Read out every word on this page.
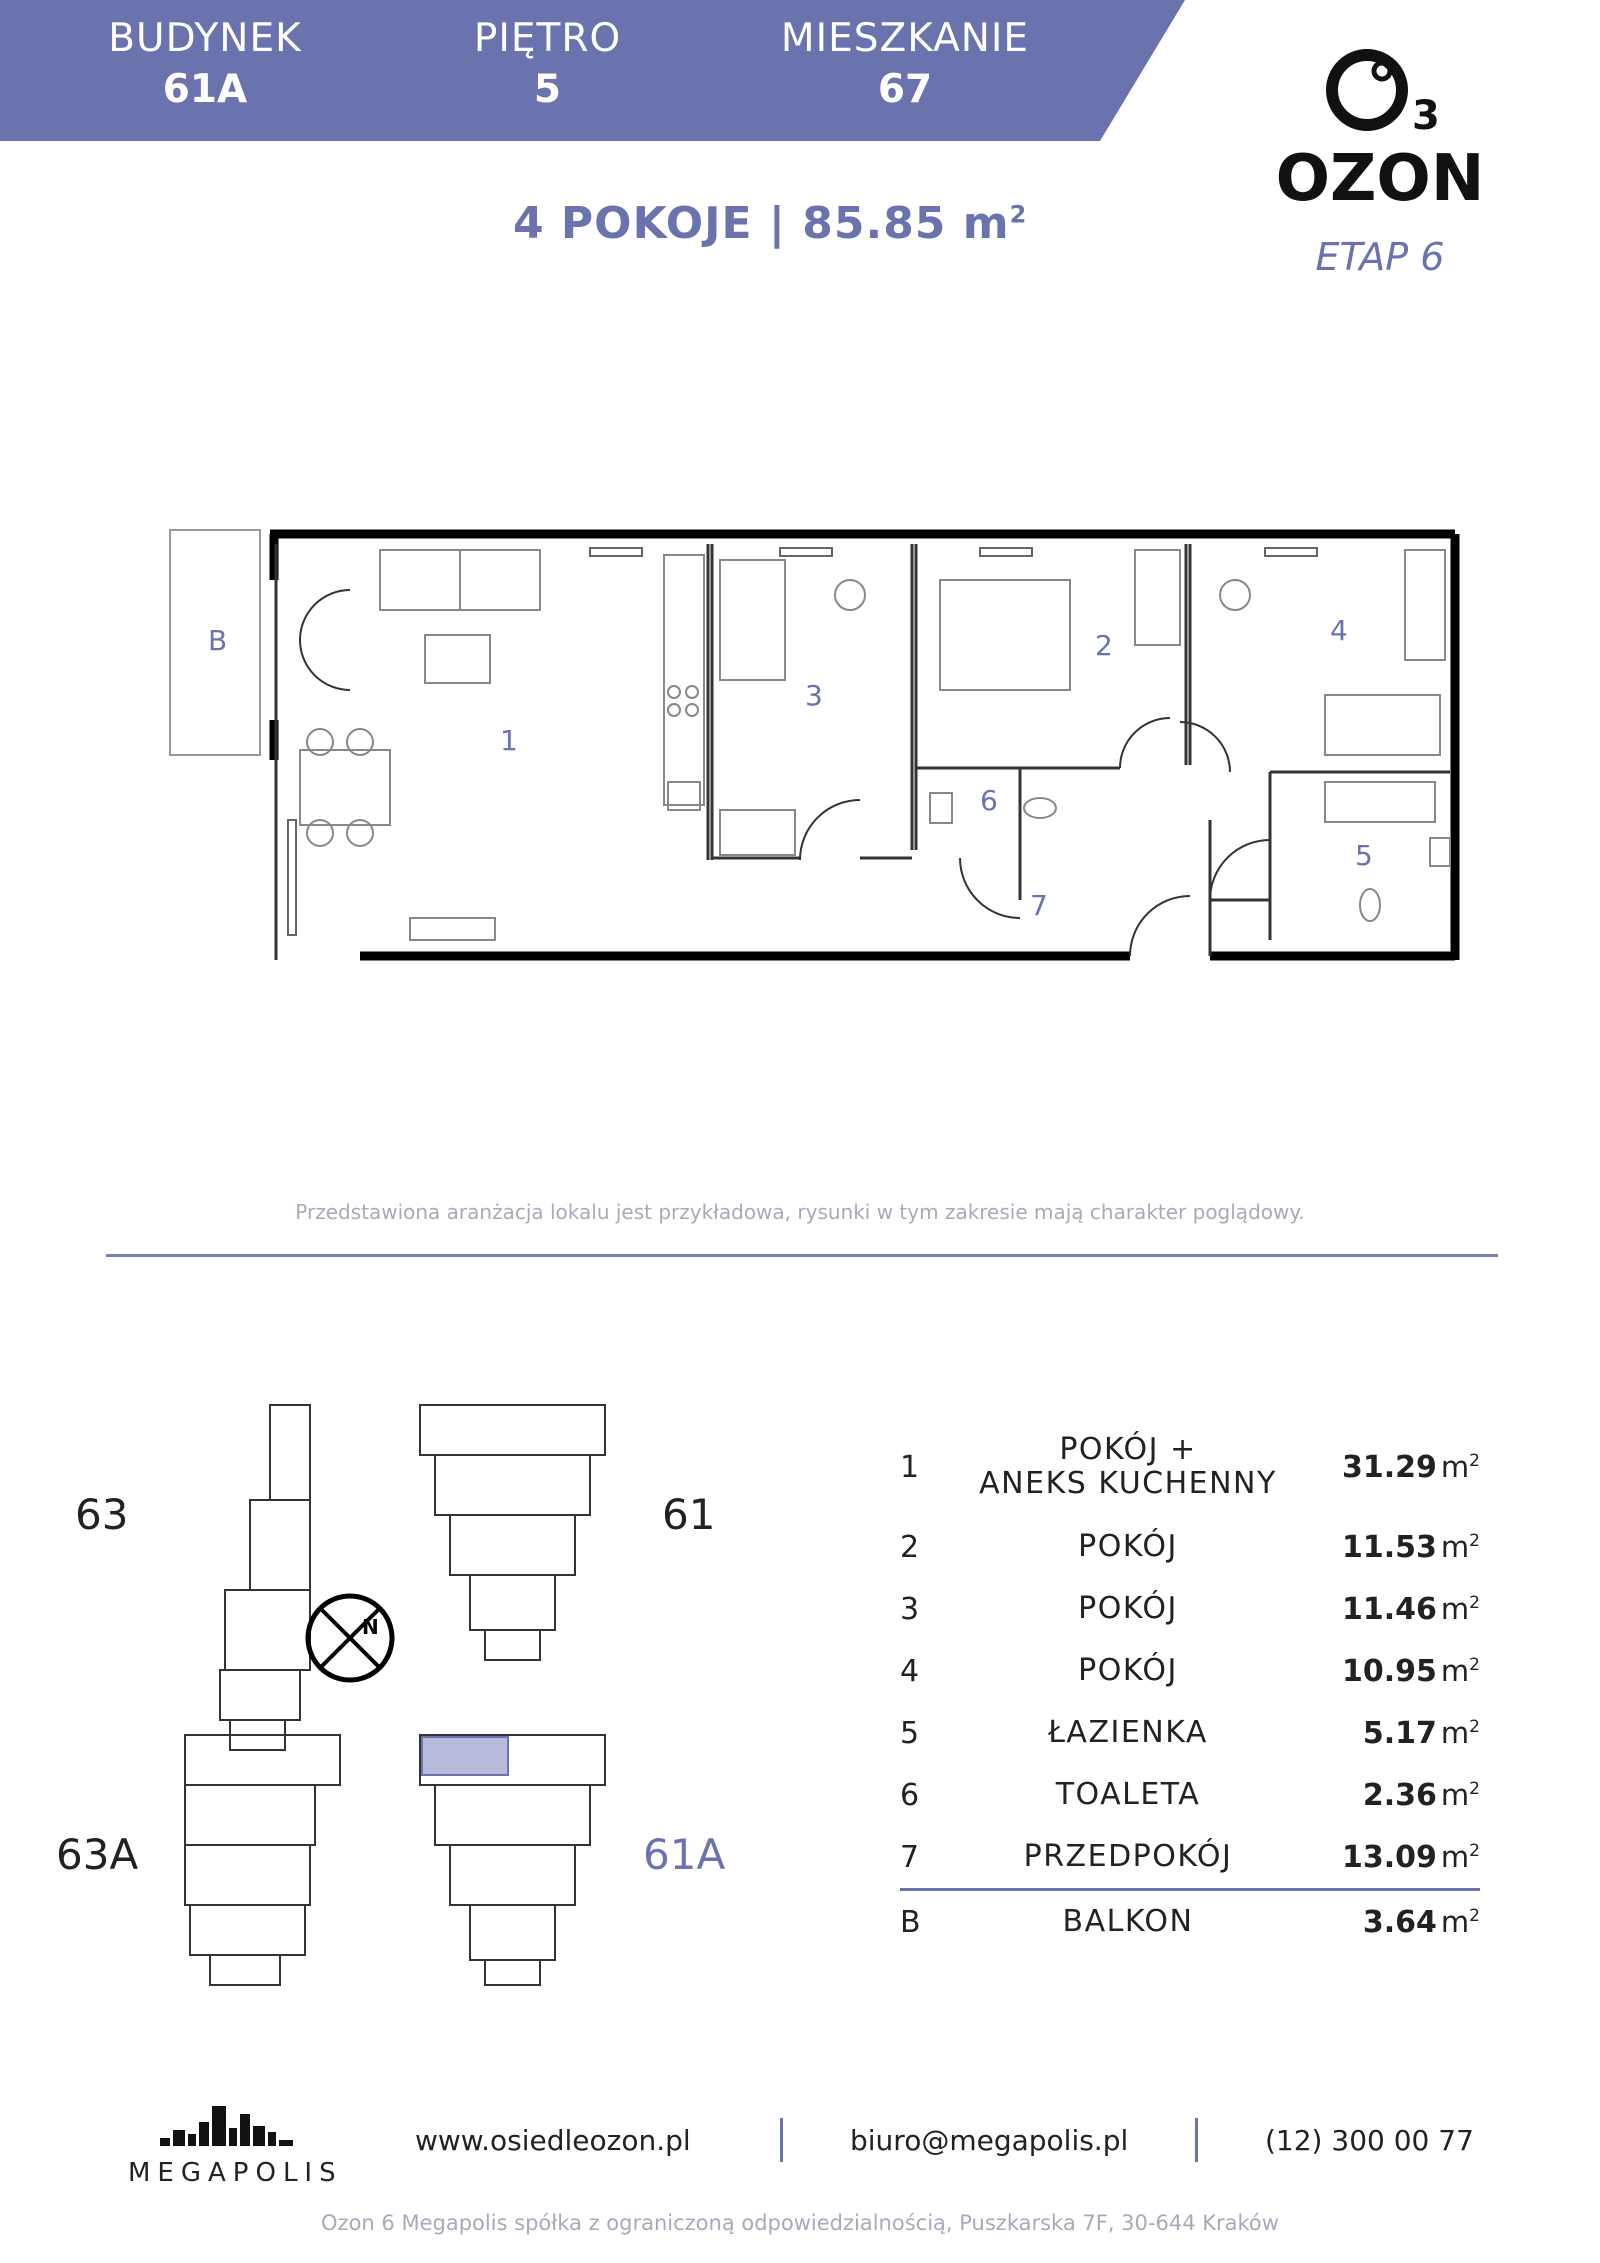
BUDYNEK
61A
PIĘTRO
5
MIESZKANIE
67
3
OZON
ETAP 6
4 POKOJE | 85.85 $m^2$
B
1
2
3
4
5
6
7
Przedstawiona aranżacja lokalu jest przykładowa, rysunki w tym zakresie mają charakter poglądowy.
63	61
63A	61A
N
1	POKÓJ +
ANEKS KUCHENNY	31.29 $m^2$
2	POKÓJ	11.53 $m^2$
3	POKÓJ	11.46 $m^2$
4	POKÓJ	10.95 $m^2$
5	ŁAZIENKA	5.17 $m^2$
6	TOALETA	2.36 $m^2$
7	PRZEDPOKÓJ	13.09 $m^2$
B	BALKON	3.64 $m^2$
MEGAPOLIS
www.osiedleozon.pl	biuro@megapolis.pl	(12) 300 00 77
Ozon 6 Megapolis spółka z ograniczoną odpowiedzialnością, Puszkarska 7F, 30-644 Kraków
